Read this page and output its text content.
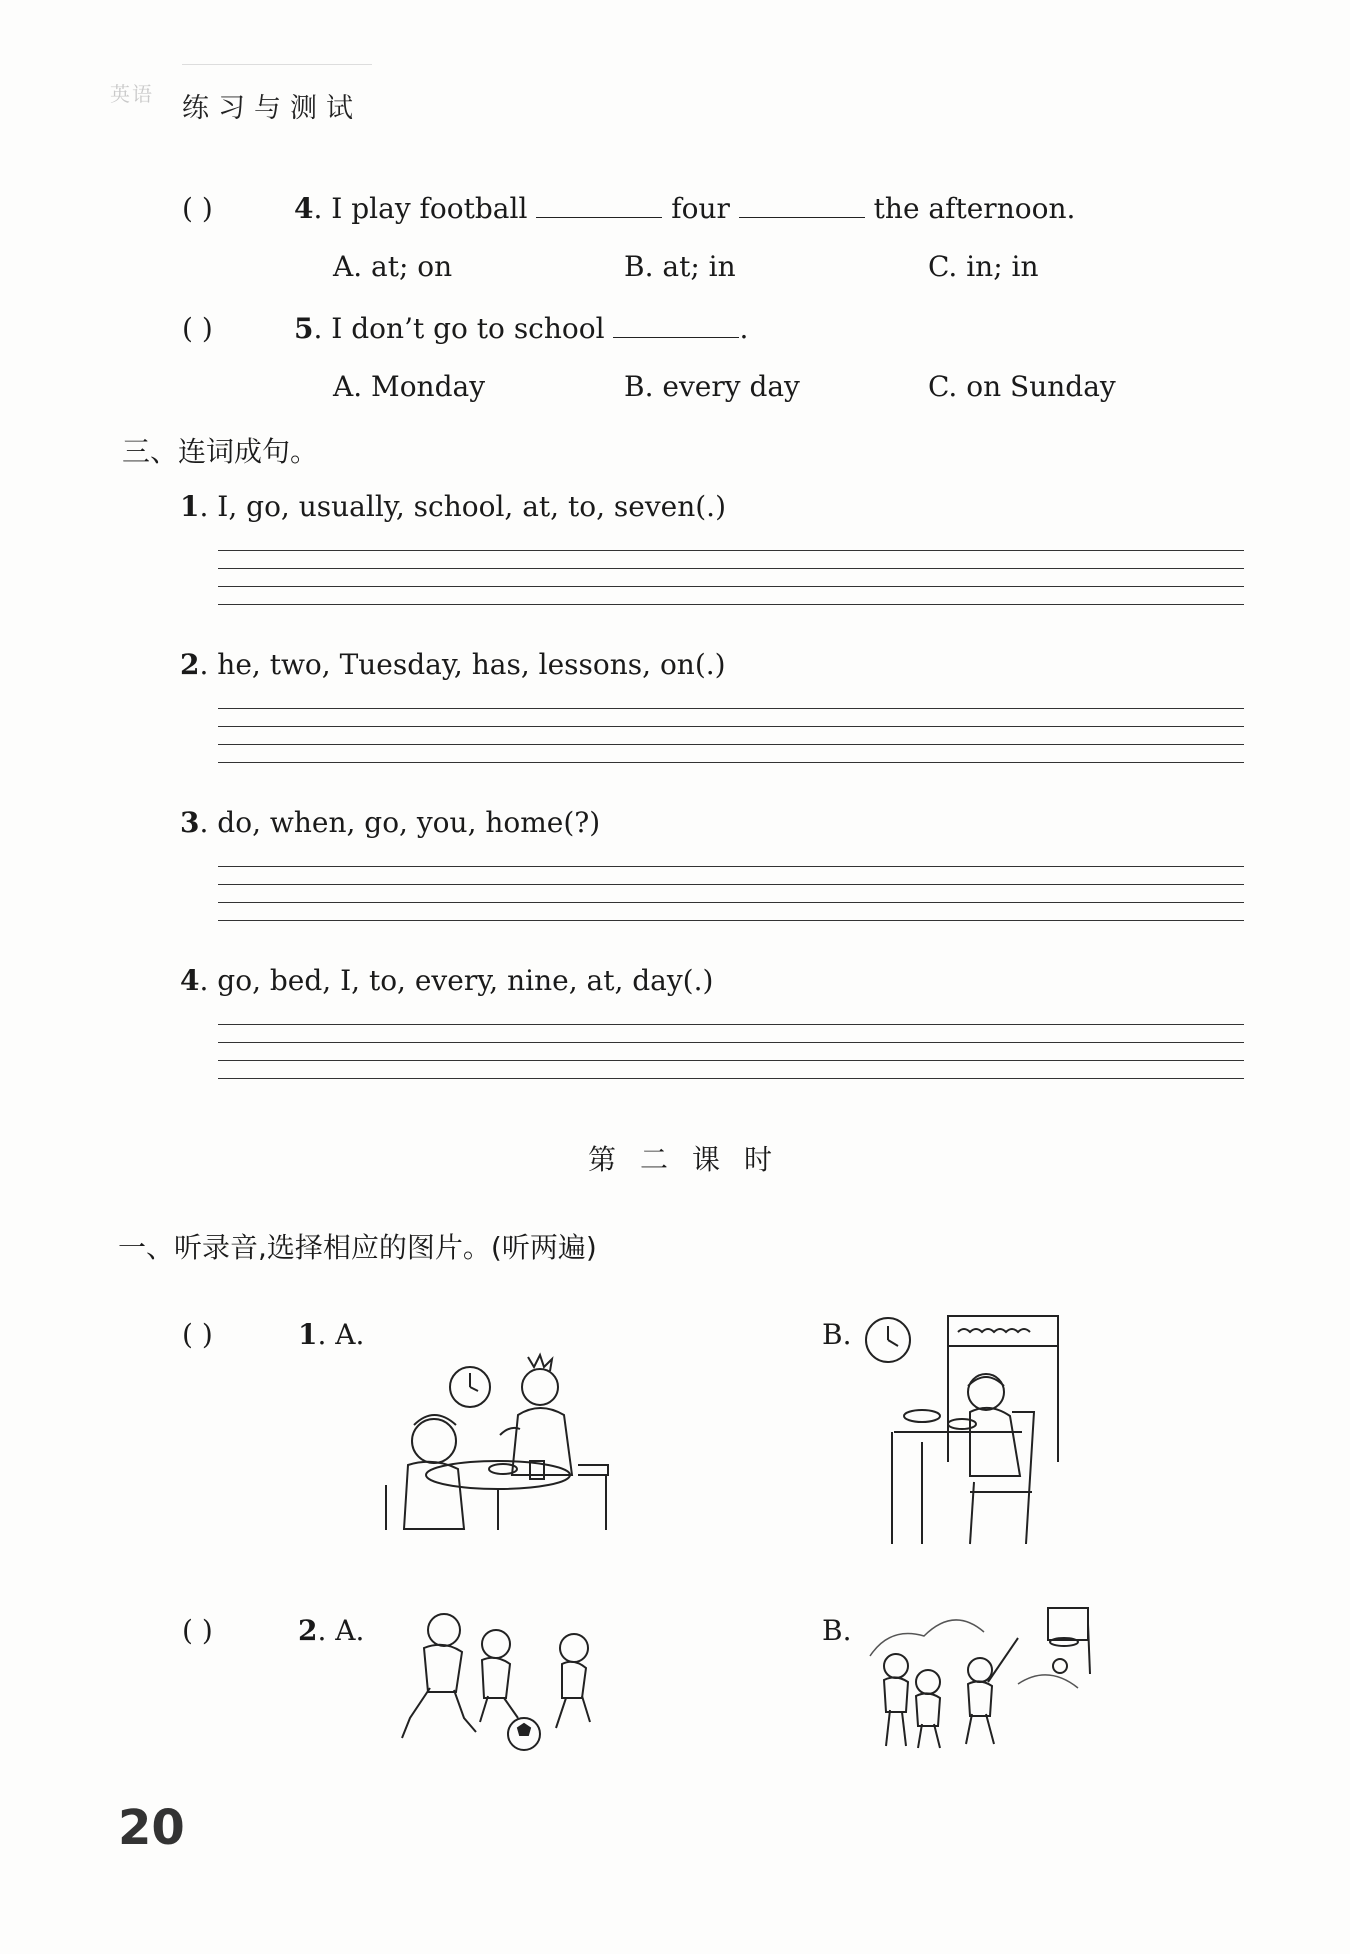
英语 练习与测试
( )	4. I play football	four	the afternoon.
A. at; on	B. at; in	C. in; in
( )	5. I don’t go to school	.
A. Monday	B. every day	C. on Sunday
三、连词成句。
1. I, go, usually, school, at, to, seven(.)
2. he, two, Tuesday, has, lessons, on(.)
3. do, when, go, you, home(?)
4. go, bed, I, to, every, nine, at, day(.)
第二课时
一、听录音,选择相应的图片。(听两遍)
( )	1. A.	B.
( )	2. A.	B.
20
